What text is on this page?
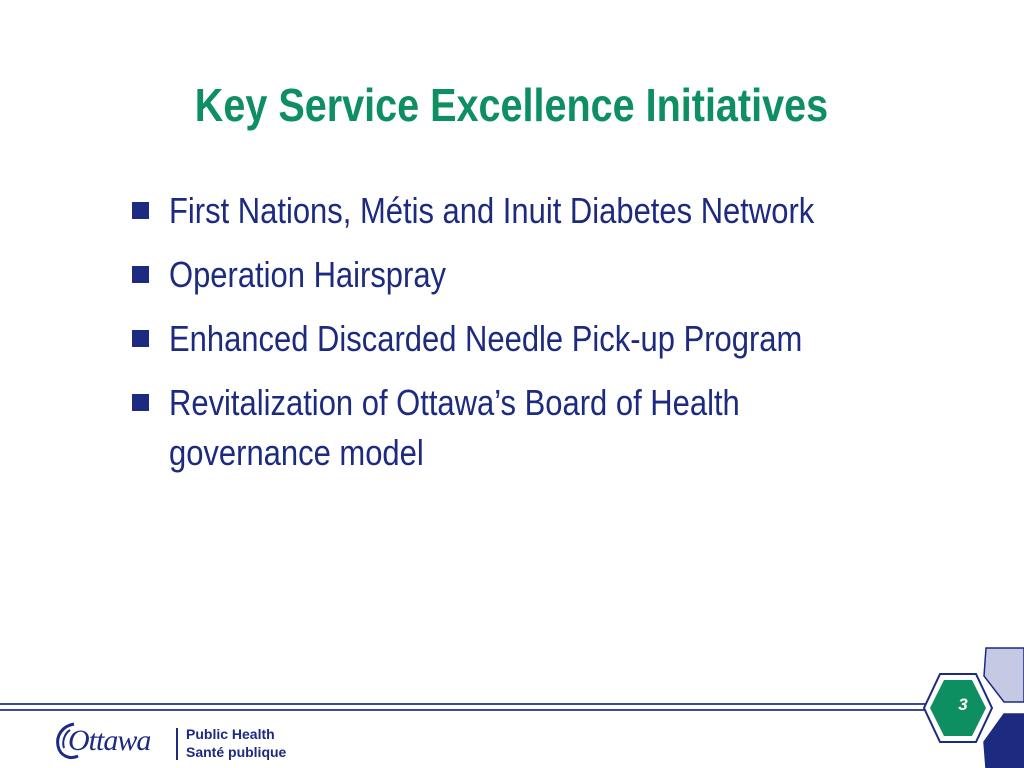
Key Service Excellence Initiatives
First Nations, Métis and Inuit Diabetes Network
Operation Hairspray
Enhanced Discarded Needle Pick-up Program
Revitalization of Ottawa’s Board of Health governance model
3
Ottawa	Public Health
Santé publique
